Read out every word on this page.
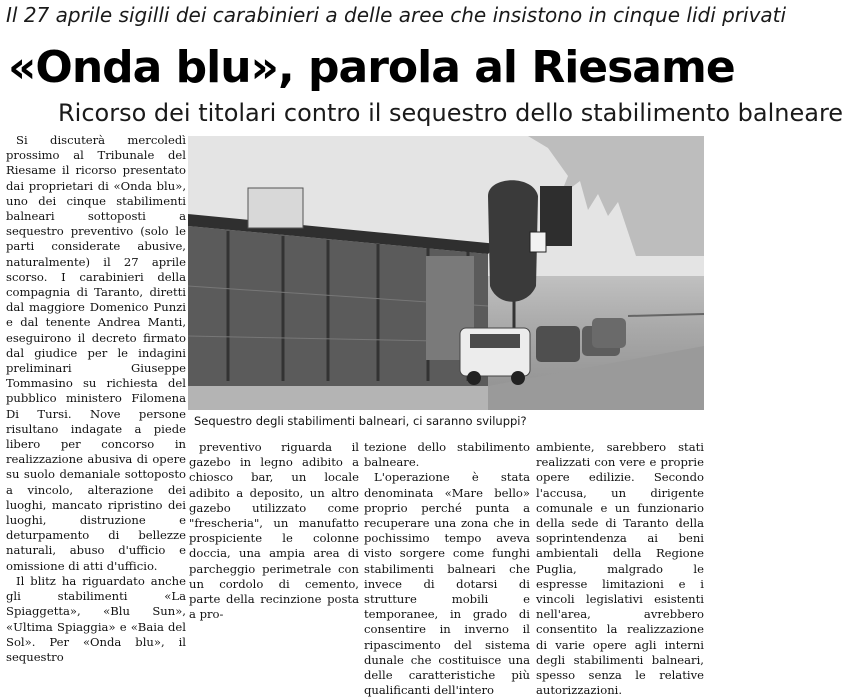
Il 27 aprile sigilli dei carabinieri a delle aree che insistono in cinque lidi privati
«Onda blu», parola al Riesame
Ricorso dei titolari contro il sequestro dello stabilimento balneare

Si discuterà mercoledì prossimo al Tribunale del Riesame il ricorso presentato dai proprietari di «Onda blu», uno dei cinque stabilimenti balneari sottoposti a sequestro preventivo (solo le parti considerate abusive, naturalmente) il 27 aprile scorso. I carabinieri della compagnia di Taranto, diretti dal maggiore Domenico Punzi e dal tenente Andrea Manti, eseguirono il decreto firmato dal giudice per le indagini preliminari Giuseppe Tommasino su richiesta del pubblico ministero Filomena Di Tursi. Nove persone risultano indagate a piede libero per concorso in realizzazione abusiva di opere su suolo demaniale sottoposto a vincolo, alterazione dei luoghi, mancato ripristino dei luoghi, distruzione e deturpamento di bellezze naturali, abuso d'ufficio e omissione di atti d'ufficio.

Il blitz ha riguardato anche gli stabilimenti «La Spiaggetta», «Blu Sun», «Ultima Spiaggia» e «Baia del Sol». Per «Onda blu», il sequestro

Sequestro degli stabilimenti balneari, ci saranno sviluppi?

preventivo riguarda il gazebo in legno adibito a chiosco bar, un locale adibito a deposito, un altro gazebo utilizzato come "frescheria", un manufatto prospiciente le colonne doccia, una ampia area di parcheggio perimetrale con un cordolo di cemento, parte della recinzione posta a pro-

tezione dello stabilimento balneare.

L'operazione è stata denominata «Mare bello» proprio perché punta a recuperare una zona che in pochissimo tempo aveva visto sorgere come funghi stabilimenti balneari che invece di dotarsi di strutture mobili e temporanee, in grado di consentire in inverno il ripascimento del sistema dunale che costituisce una delle caratteristiche più qualificanti dell'intero

ambiente, sarebbero stati realizzati con vere e proprie opere edilizie. Secondo l'accusa, un dirigente comunale e un funzionario della sede di Taranto della soprintendenza ai beni ambientali della Regione Puglia, malgrado le espresse limitazioni e i vincoli legislativi esistenti nell'area, avrebbero consentito la realizzazione di varie opere agli interni degli stabilimenti balneari, spesso senza le relative autorizzazioni.
